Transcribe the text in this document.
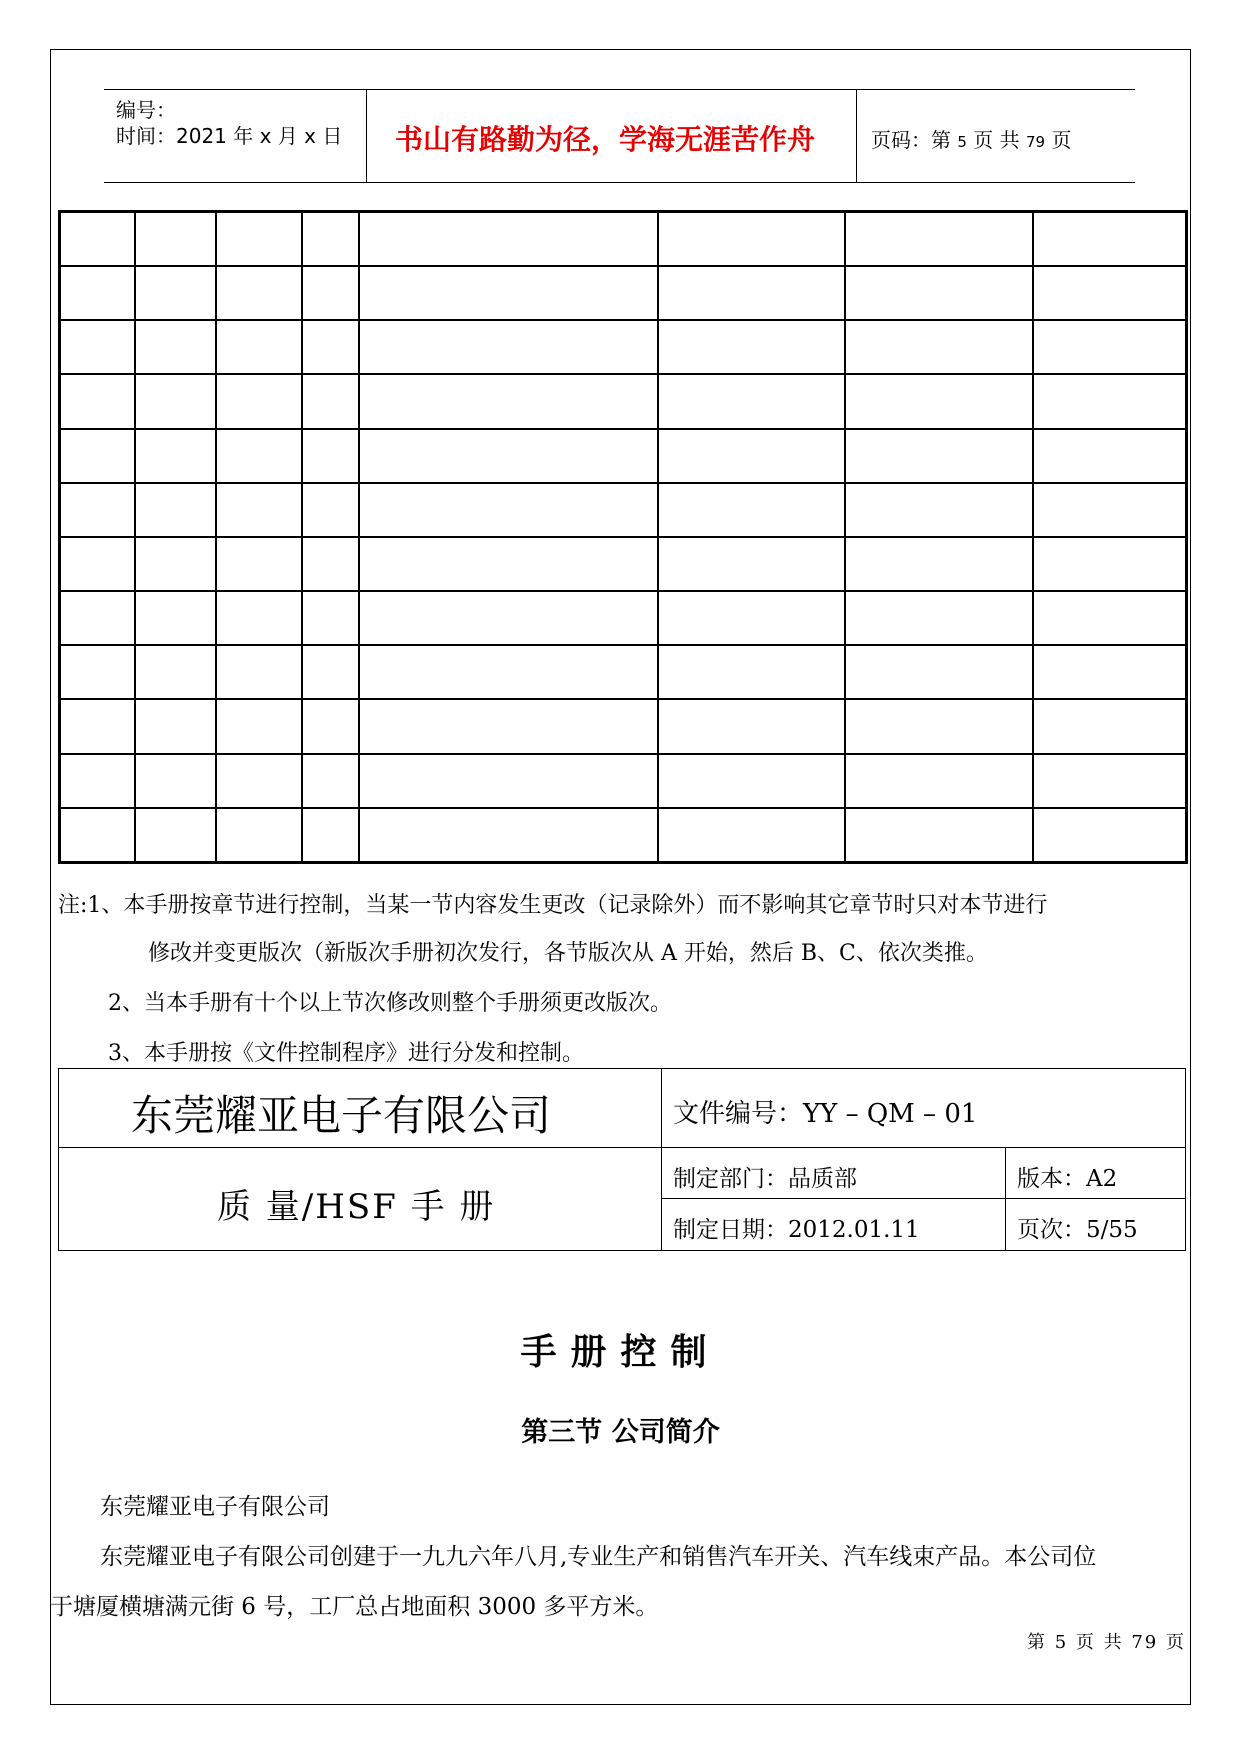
编号：
时间：2021 年 x 月 x 日 书山有路勤为径，学海无涯苦作舟	页码：第 5 页 共 79 页

注:1、本手册按章节进行控制，当某一节内容发生更改（记录除外）而不影响其它章节时只对本节进行
修改并变更版次（新版次手册初次发行，各节版次从 A 开始，然后 B、C、依次类推。
2、当本手册有十个以上节次修改则整个手册须更改版次。
3、本手册按《文件控制程序》进行分发和控制。
东莞耀亚电子有限公司	文件编号：YY – QM – 01
质 量/HSF 手 册
制定部门：品质部	版本：A2
制定日期：2012.01.11	页次：5/55
手册控制
第三节 公司简介
东莞耀亚电子有限公司
东莞耀亚电子有限公司创建于一九九六年八月,专业生产和销售汽车开关、汽车线束产品。本公司位
于塘厦横塘满元街 6 号，工厂总占地面积 3000 多平方米。
第 5 页 共 79 页
